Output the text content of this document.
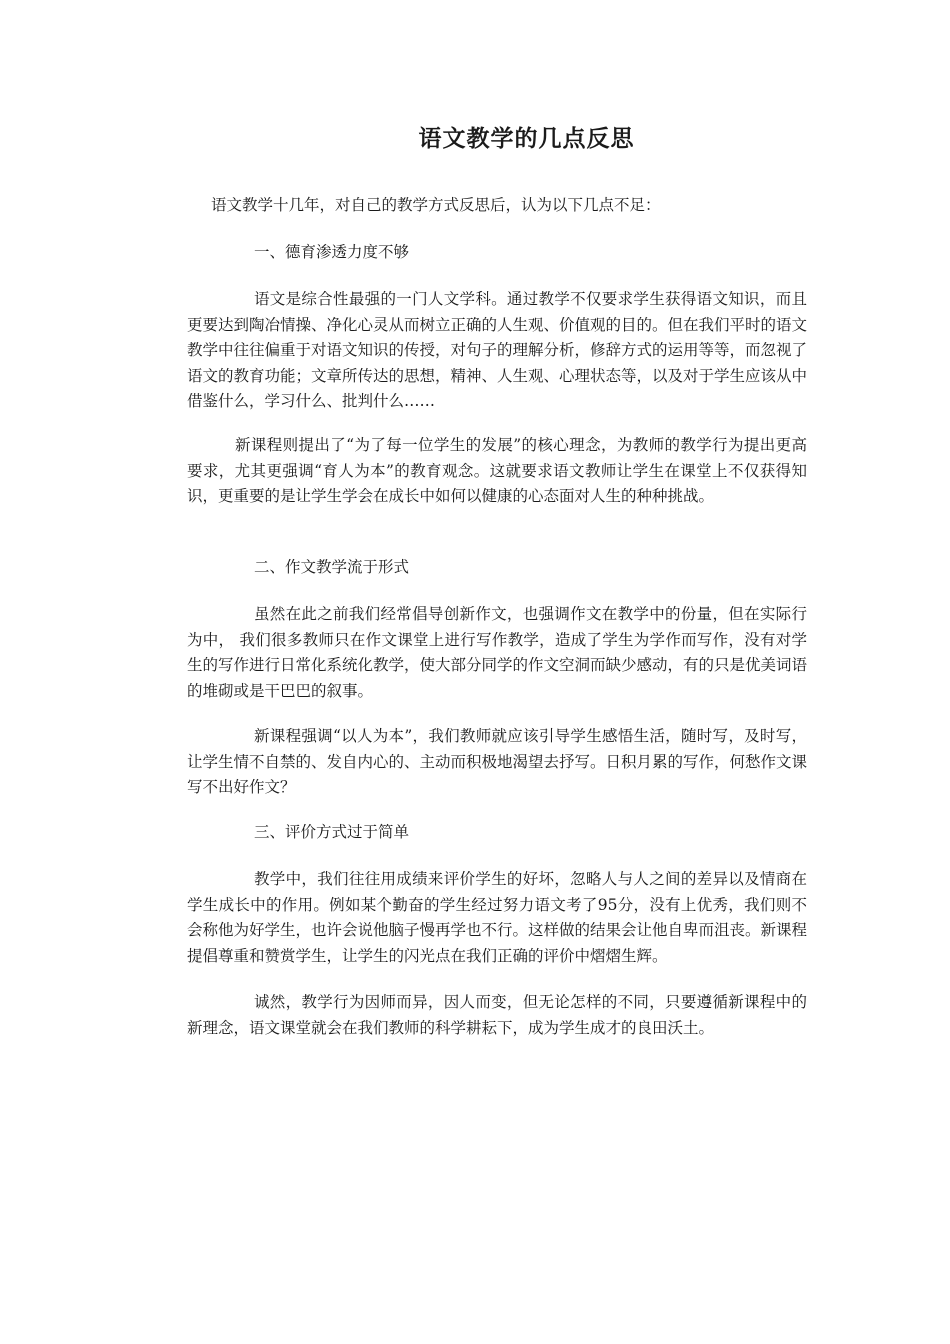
语文教学的几点反思

语文教学十几年，对自己的教学方式反思后，认为以下几点不足：

一、德育渗透力度不够

语文是综合性最强的一门人文学科。通过教学不仅要求学生获得语文知识，而且更要达到陶冶情操、净化心灵从而树立正确的人生观、价值观的目的。但在我们平时的语文教学中往往偏重于对语文知识的传授，对句子的理解分析，修辞方式的运用等等，而忽视了语文的教育功能；文章所传达的思想，精神、人生观、心理状态等，以及对于学生应该从中借鉴什么，学习什么、批判什么……

新课程则提出了“为了每一位学生的发展”的核心理念，为教师的教学行为提出更高要求，尤其更强调“育人为本”的教育观念。这就要求语文教师让学生在课堂上不仅获得知识，更重要的是让学生学会在成长中如何以健康的心态面对人生的种种挑战。

二、作文教学流于形式

虽然在此之前我们经常倡导创新作文，也强调作文在教学中的份量，但在实际行为中， 我们很多教师只在作文课堂上进行写作教学，造成了学生为学作而写作，没有对学生的写作进行日常化系统化教学，使大部分同学的作文空洞而缺少感动，有的只是优美词语的堆砌或是干巴巴的叙事。

新课程强调“以人为本”，我们教师就应该引导学生感悟生活，随时写，及时写，让学生情不自禁的、发自内心的、主动而积极地渴望去抒写。日积月累的写作，何愁作文课写不出好作文？

三、评价方式过于简单

教学中，我们往往用成绩来评价学生的好坏，忽略人与人之间的差异以及情商在学生成长中的作用。例如某个勤奋的学生经过努力语文考了95分，没有上优秀，我们则不会称他为好学生，也许会说他脑子慢再学也不行。这样做的结果会让他自卑而沮丧。新课程提倡尊重和赞赏学生，让学生的闪光点在我们正确的评价中熠熠生辉。

诚然，教学行为因师而异，因人而变，但无论怎样的不同，只要遵循新课程中的新理念，语文课堂就会在我们教师的科学耕耘下，成为学生成才的良田沃土。
